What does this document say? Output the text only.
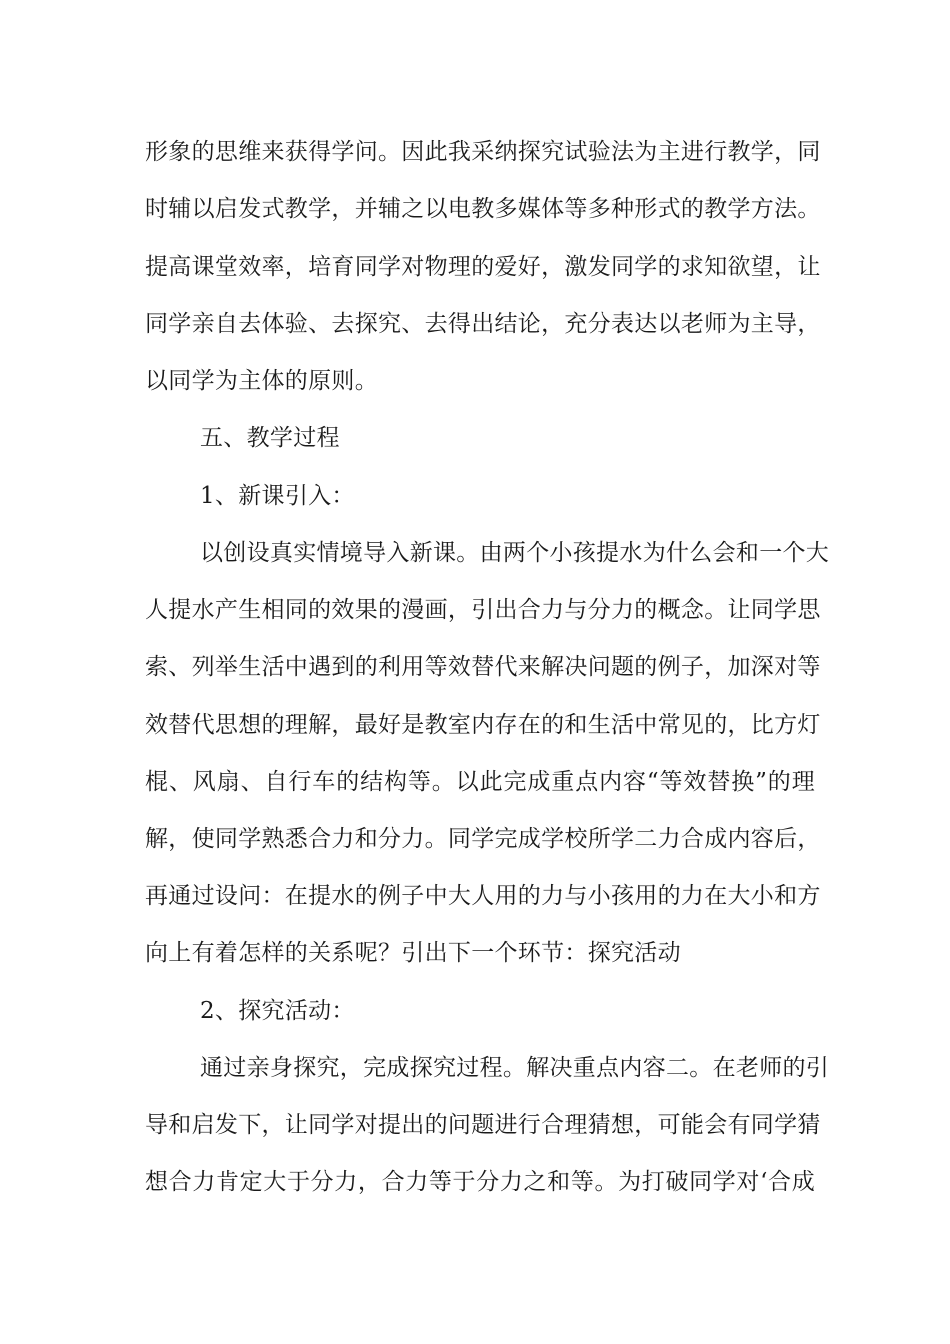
形象的思维来获得学问。因此我采纳探究试验法为主进行教学，同
时辅以启发式教学，并辅之以电教多媒体等多种形式的教学方法。
提高课堂效率，培育同学对物理的爱好，激发同学的求知欲望，让
同学亲自去体验、去探究、去得出结论，充分表达以老师为主导，
以同学为主体的原则。
五、教学过程
1、新课引入：
以创设真实情境导入新课。由两个小孩提水为什么会和一个大
人提水产生相同的效果的漫画，引出合力与分力的概念。让同学思
索、列举生活中遇到的利用等效替代来解决问题的例子，加深对等
效替代思想的理解，最好是教室内存在的和生活中常见的，比方灯
棍、风扇、自行车的结构等。以此完成重点内容“等效替换”的理
解，使同学熟悉合力和分力。同学完成学校所学二力合成内容后，
再通过设问：在提水的例子中大人用的力与小孩用的力在大小和方
向上有着怎样的关系呢？引出下一个环节：探究活动
2、探究活动：
通过亲身探究，完成探究过程。解决重点内容二。在老师的引
导和启发下，让同学对提出的问题进行合理猜想，可能会有同学猜
想合力肯定大于分力，合力等于分力之和等。为打破同学对‘合成
